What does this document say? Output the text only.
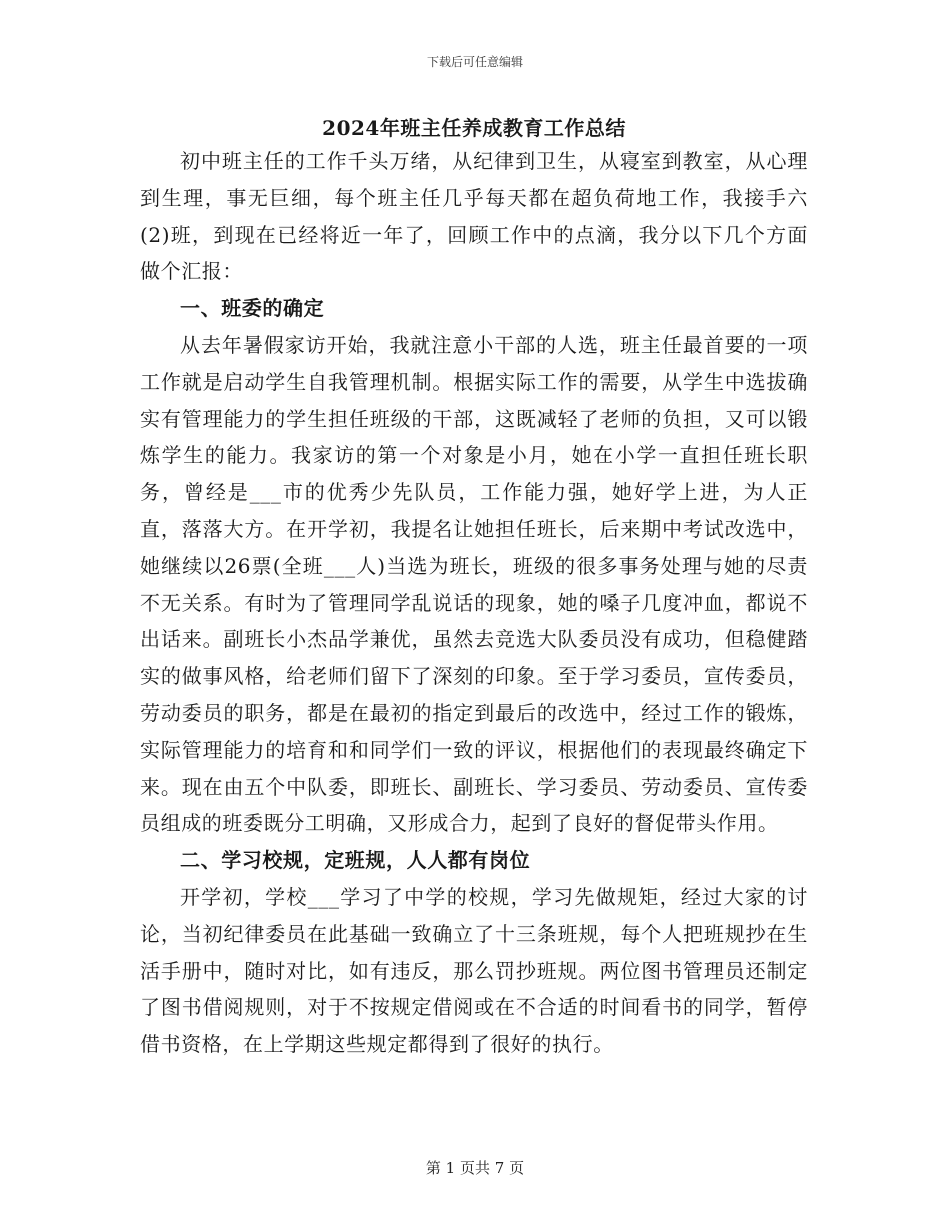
下载后可任意编辑
2024年班主任养成教育工作总结

初中班主任的工作千头万绪，从纪律到卫生，从寝室到教室，从心理到生理，事无巨细，每个班主任几乎每天都在超负荷地工作，我接手六(2)班，到现在已经将近一年了，回顾工作中的点滴，我分以下几个方面做个汇报：

一、班委的确定

从去年暑假家访开始，我就注意小干部的人选，班主任最首要的一项工作就是启动学生自我管理机制。根据实际工作的需要，从学生中选拔确实有管理能力的学生担任班级的干部，这既减轻了老师的负担，又可以锻炼学生的能力。我家访的第一个对象是小月，她在小学一直担任班长职务，曾经是___市的优秀少先队员，工作能力强，她好学上进，为人正直，落落大方。在开学初，我提名让她担任班长，后来期中考试改选中，她继续以26票(全班___人)当选为班长，班级的很多事务处理与她的尽责不无关系。有时为了管理同学乱说话的现象，她的嗓子几度冲血，都说不出话来。副班长小杰品学兼优，虽然去竞选大队委员没有成功，但稳健踏实的做事风格，给老师们留下了深刻的印象。至于学习委员，宣传委员，劳动委员的职务，都是在最初的指定到最后的改选中，经过工作的锻炼，实际管理能力的培育和和同学们一致的评议，根据他们的表现最终确定下来。现在由五个中队委，即班长、副班长、学习委员、劳动委员、宣传委员组成的班委既分工明确，又形成合力，起到了良好的督促带头作用。

二、学习校规，定班规，人人都有岗位

开学初，学校___学习了中学的校规，学习先做规矩，经过大家的讨论，当初纪律委员在此基础一致确立了十三条班规，每个人把班规抄在生活手册中，随时对比，如有违反，那么罚抄班规。两位图书管理员还制定了图书借阅规则，对于不按规定借阅或在不合适的时间看书的同学，暂停借书资格，在上学期这些规定都得到了很好的执行。

第 1 页共 7 页
